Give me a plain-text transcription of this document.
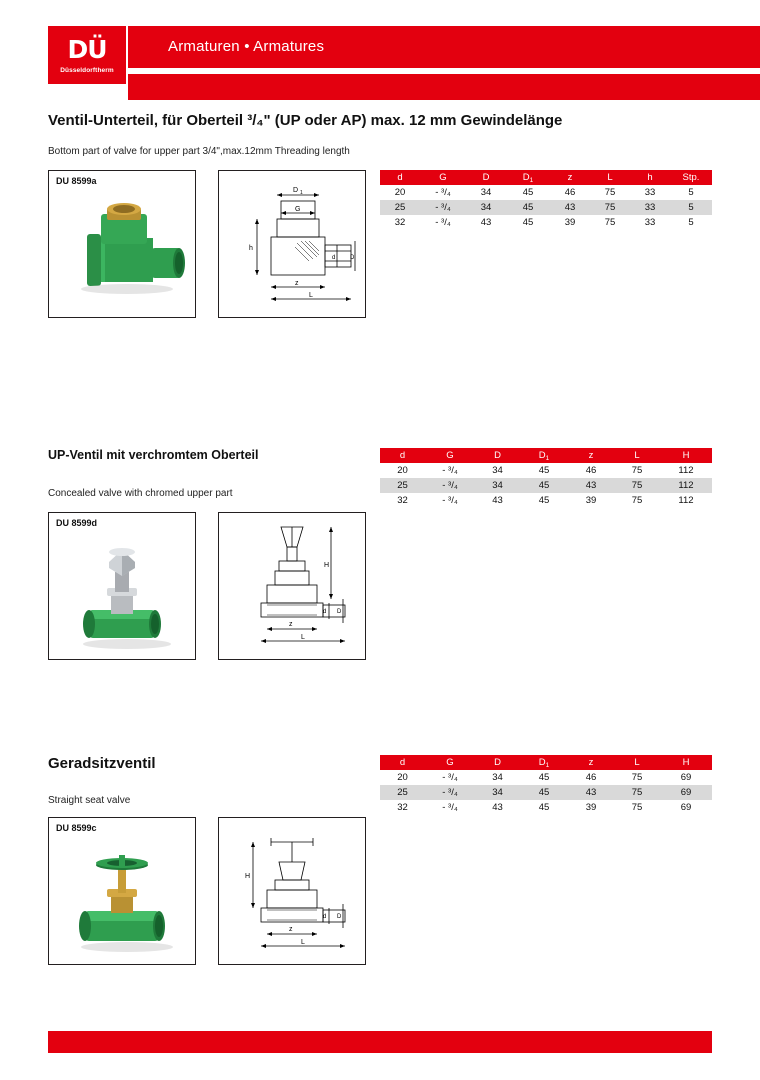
DÜ
Düsseldorftherm
Armaturen • Armatures
Ventil-Unterteil, für Oberteil ³/₄" (UP oder AP) max. 12 mm Gewindelänge
Bottom part of valve for upper part 3/4",max.12mm Threading length
DU 8599a
D 1
G
h
z
L
d D
d	G	D	$D_1$	z	L	h	Stp.
20	- ³/₄	34	45	46	75	33	5
25	- ³/₄	34	45	43	75	33	5
32	- ³/₄	43	45	39	75	33	5
UP-Ventil mit verchromtem Oberteil
Concealed valve with chromed upper part
DU 8599d
H
z
L
d D
d	G	D	$D_1$	z	L	H
20	- ³/₄	34	45	46	75	112
25	- ³/₄	34	45	43	75	112
32	- ³/₄	43	45	39	75	112
Geradsitzventil
Straight seat valve
DU 8599c
H
z
L
d D
d	G	D	$D_1$	z	L	H
20	- ³/₄	34	45	46	75	69
25	- ³/₄	34	45	43	75	69
32	- ³/₄	43	45	39	75	69
